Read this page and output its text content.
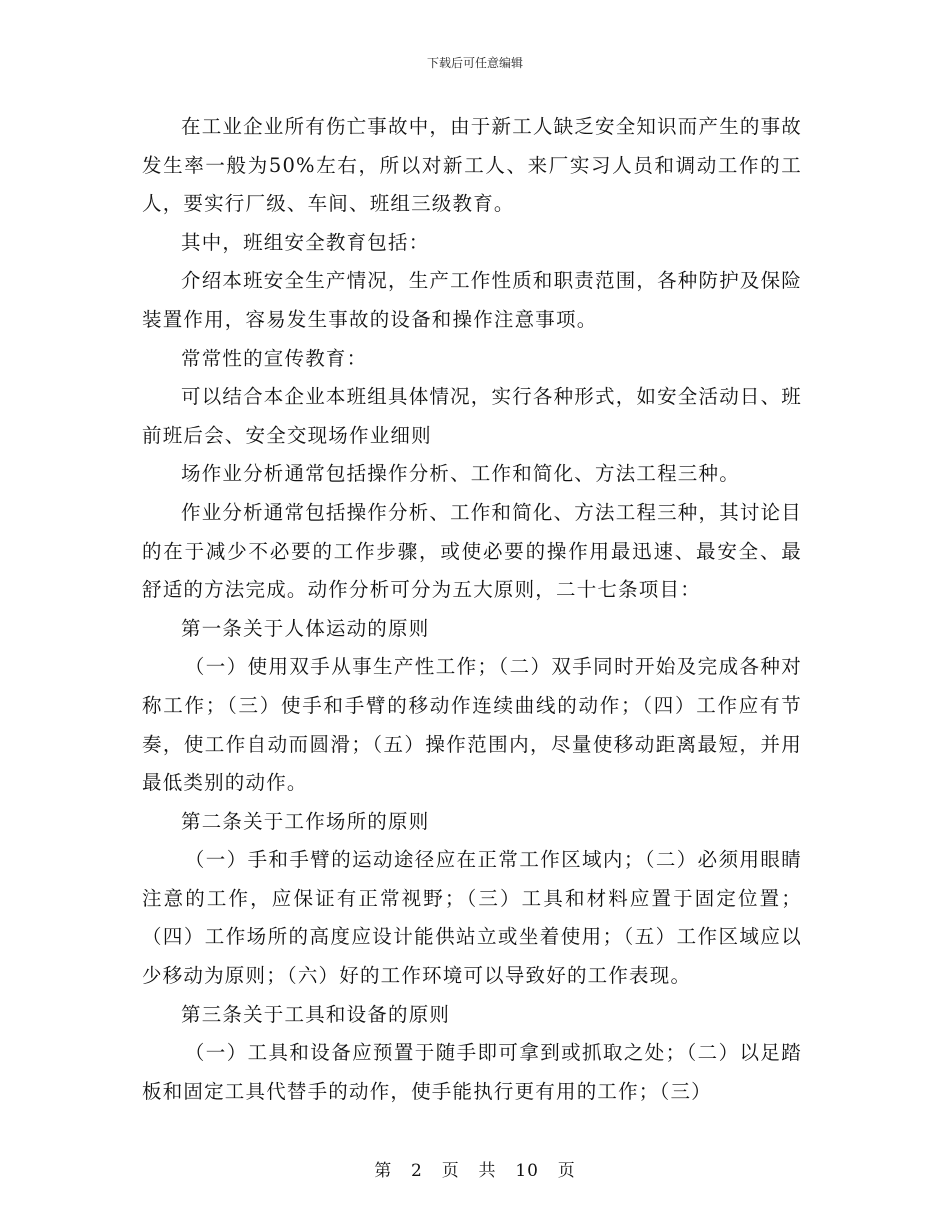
下载后可任意编辑

在工业企业所有伤亡事故中，由于新工人缺乏安全知识而产生的事故发生率一般为50%左右，所以对新工人、来厂实习人员和调动工作的工人，要实行厂级、车间、班组三级教育。

其中，班组安全教育包括：

介绍本班安全生产情况，生产工作性质和职责范围，各种防护及保险装置作用，容易发生事故的设备和操作注意事项。

常常性的宣传教育：

可以结合本企业本班组具体情况，实行各种形式，如安全活动日、班前班后会、安全交现场作业细则

场作业分析通常包括操作分析、工作和简化、方法工程三种。

作业分析通常包括操作分析、工作和简化、方法工程三种，其讨论目的在于减少不必要的工作步骤，或使必要的操作用最迅速、最安全、最舒适的方法完成。动作分析可分为五大原则，二十七条项目：

第一条关于人体运动的原则

（一）使用双手从事生产性工作；（二）双手同时开始及完成各种对称工作；（三）使手和手臂的移动作连续曲线的动作；（四）工作应有节奏，使工作自动而圆滑；（五）操作范围内，尽量使移动距离最短，并用最低类别的动作。

第二条关于工作场所的原则

（一）手和手臂的运动途径应在正常工作区域内；（二）必须用眼睛注意的工作，应保证有正常视野；（三）工具和材料应置于固定位置；（四）工作场所的高度应设计能供站立或坐着使用；（五）工作区域应以少移动为原则；（六）好的工作环境可以导致好的工作表现。

第三条关于工具和设备的原则

（一）工具和设备应预置于随手即可拿到或抓取之处；（二）以足踏板和固定工具代替手的动作，使手能执行更有用的工作；（三）

第 2 页 共 10 页
